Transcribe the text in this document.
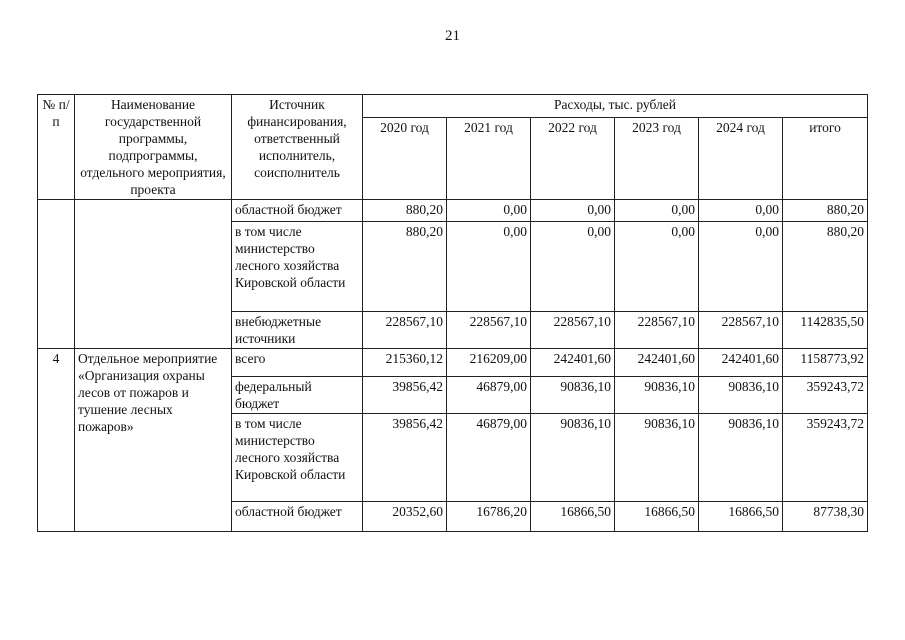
21
№ п/п	Наименование государственной программы, подпрограммы, отдельного мероприятия, проекта	Источник финансирования, ответственный исполнитель, соисполнитель	Расходы, тыс. рублей					
			2020 год	2021 год	2022 год	2023 год	2024 год	итого
		областной бюджет	880,20	0,00	0,00	0,00	0,00	880,20
		в том числе министерство лесного хозяйства Кировской области	880,20	0,00	0,00	0,00	0,00	880,20
		внебюджетные источники	228567,10	228567,10	228567,10	228567,10	228567,10	1142835,50
4	Отдельное мероприятие «Организация охраны лесов от пожаров и тушение лесных пожаров»	всего	215360,12	216209,00	242401,60	242401,60	242401,60	1158773,92
		федеральный бюджет	39856,42	46879,00	90836,10	90836,10	90836,10	359243,72
		в том числе министерство лесного хозяйства Кировской области	39856,42	46879,00	90836,10	90836,10	90836,10	359243,72
		областной бюджет	20352,60	16786,20	16866,50	16866,50	16866,50	87738,30
